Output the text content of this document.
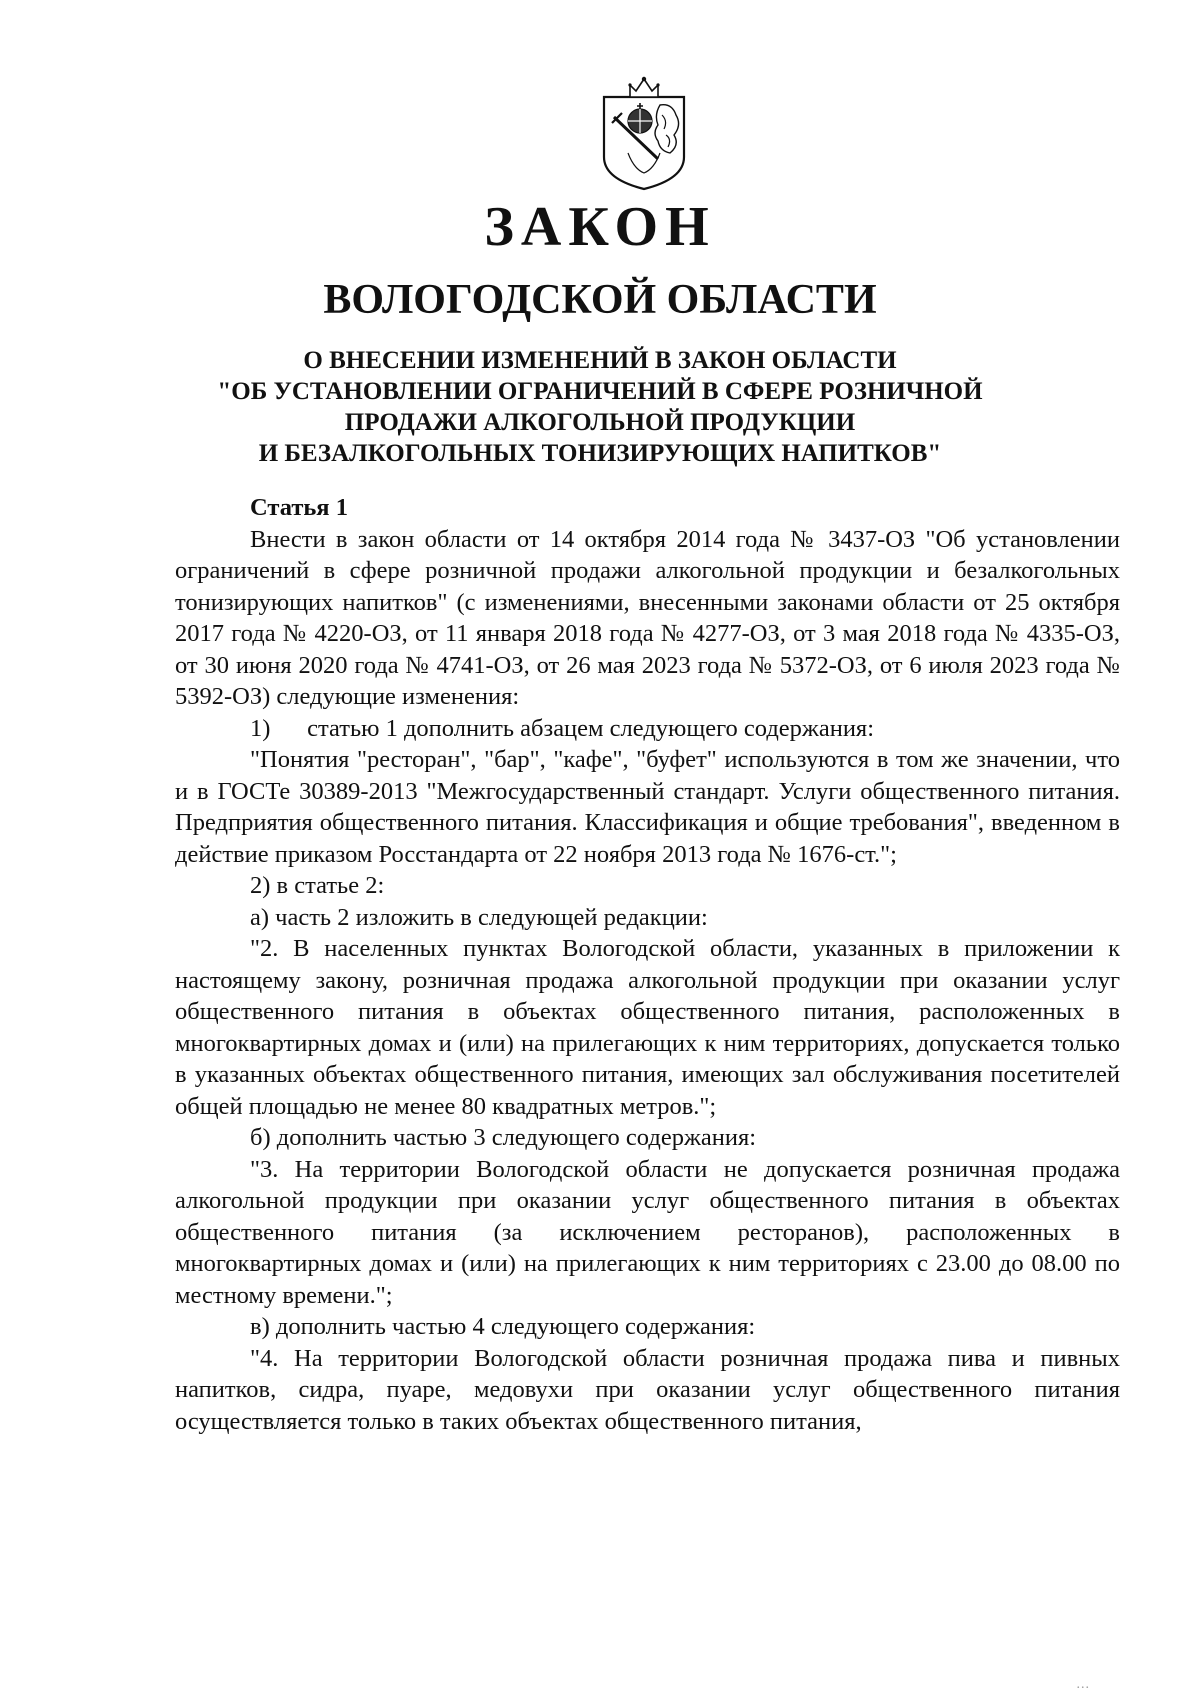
ЗАКОН
ВОЛОГОДСКОЙ ОБЛАСТИ
О ВНЕСЕНИИ ИЗМЕНЕНИЙ В ЗАКОН ОБЛАСТИ
"ОБ УСТАНОВЛЕНИИ ОГРАНИЧЕНИЙ В СФЕРЕ РОЗНИЧНОЙ
ПРОДАЖИ АЛКОГОЛЬНОЙ ПРОДУКЦИИ
И БЕЗАЛКОГОЛЬНЫХ ТОНИЗИРУЮЩИХ НАПИТКОВ"

Статья 1

Внести в закон области от 14 октября 2014 года № 3437-ОЗ "Об установлении ограничений в сфере розничной продажи алкогольной продукции и безалкогольных тонизирующих напитков" (с изменениями, внесенными законами области от 25 октября 2017 года № 4220-ОЗ, от 11 января 2018 года № 4277-ОЗ, от 3 мая 2018 года № 4335-ОЗ, от 30 июня 2020 года № 4741-ОЗ, от 26 мая 2023 года № 5372-ОЗ, от 6 июля 2023 года № 5392-ОЗ) следующие изменения:

1)      статью 1 дополнить абзацем следующего содержания:

"Понятия "ресторан", "бар", "кафе", "буфет" используются в том же значении, что и в ГОСТе 30389-2013 "Межгосударственный стандарт. Услуги общественного питания. Предприятия общественного питания. Классификация и общие требования", введенном в действие приказом Росстандарта от 22 ноября 2013 года № 1676-ст.";

2) в статье 2:

а) часть 2 изложить в следующей редакции:

"2. В населенных пунктах Вологодской области, указанных в приложении к настоящему закону, розничная продажа алкогольной продукции при оказании услуг общественного питания в объектах общественного питания, расположенных в многоквартирных домах и (или) на прилегающих к ним территориях, допускается только в указанных объектах общественного питания, имеющих зал обслуживания посетителей общей площадью не менее 80 квадратных метров.";

б) дополнить частью 3 следующего содержания:

"3. На территории Вологодской области не допускается розничная продажа алкогольной продукции при оказании услуг общественного питания в объектах общественного питания (за исключением ресторанов), расположенных в многоквартирных домах и (или) на прилегающих к ним территориях с 23.00 до 08.00 по местному времени.";

в) дополнить частью 4 следующего содержания:

"4. На территории Вологодской области розничная продажа пива и пивных напитков, сидра, пуаре, медовухи при оказании услуг общественного питания осуществляется только в таких объектах общественного питания,

...
